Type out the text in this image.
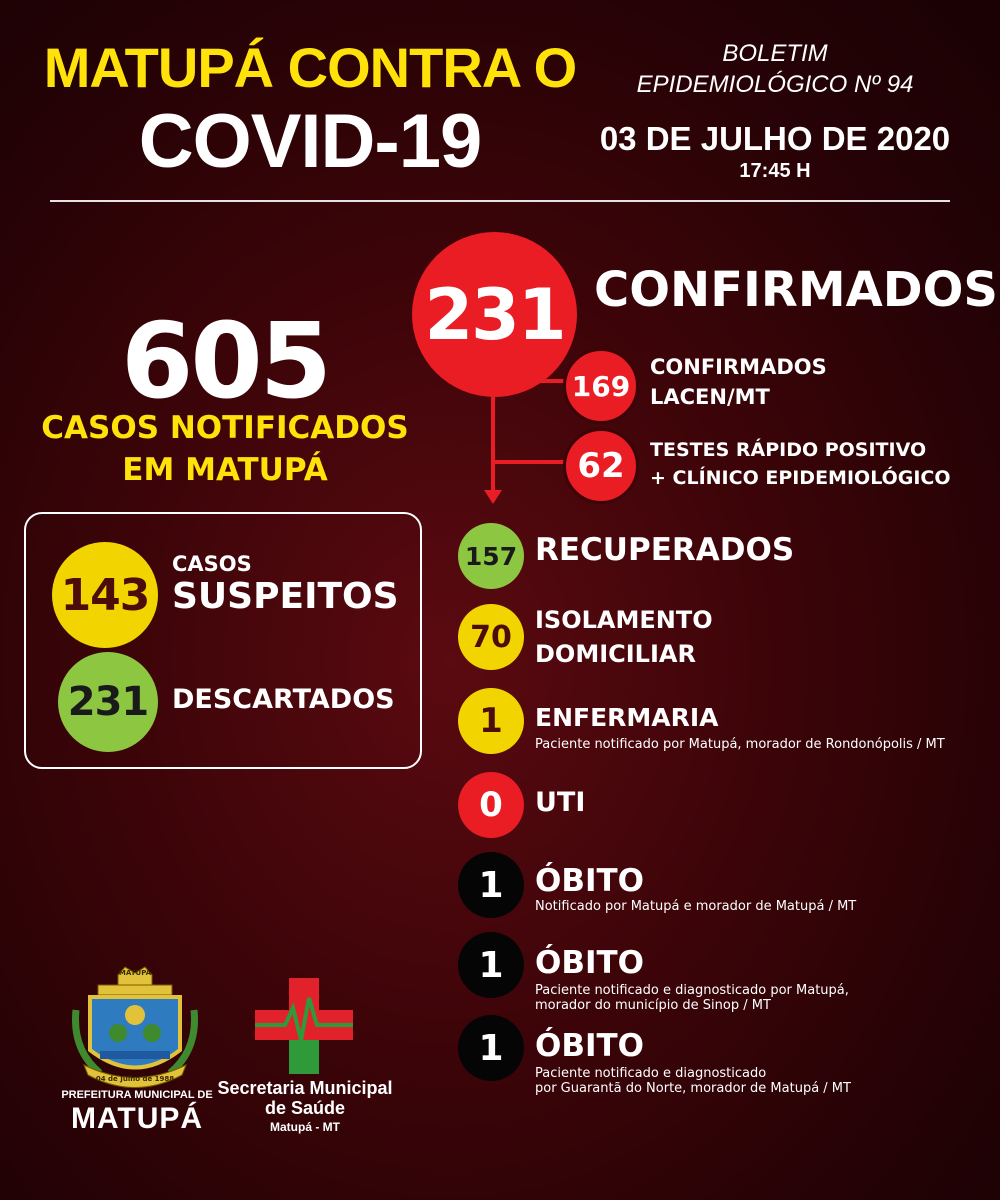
MATUPÁ CONTRA O
COVID-19
BOLETIM
EPIDEMIOLÓGICO Nº 94
03 DE JULHO DE 2020
17:45 H
605
CASOS NOTIFICADOS
EM MATUPÁ
143
CASOS
SUSPEITOS
231 DESCARTADOS
231 CONFIRMADOS
169
CONFIRMADOS
LACEN/MT
62	TESTES RÁPIDO POSITIVO
+ CLÍNICO EPIDEMIOLÓGICO
157 RECUPERADOS
70 ISOLAMENTO
DOMICILIAR
1	ENFERMARIA
Paciente notificado por Matupá, morador de Rondonópolis / MT
0	UTI
1	ÓBITO
Notificado por Matupá e morador de Matupá / MT
1	ÓBITO
Paciente notificado e diagnosticado por Matupá,
morador do município de Sinop / MT
1	ÓBITO
Paciente notificado e diagnosticado
por Guarantã do Norte, morador de Matupá / MT
MATUPÁ
04 de Julho de 1988
PREFEITURA MUNICIPAL DE
MATUPÁ
Secretaria Municipal
de Saúde
Matupá - MT
